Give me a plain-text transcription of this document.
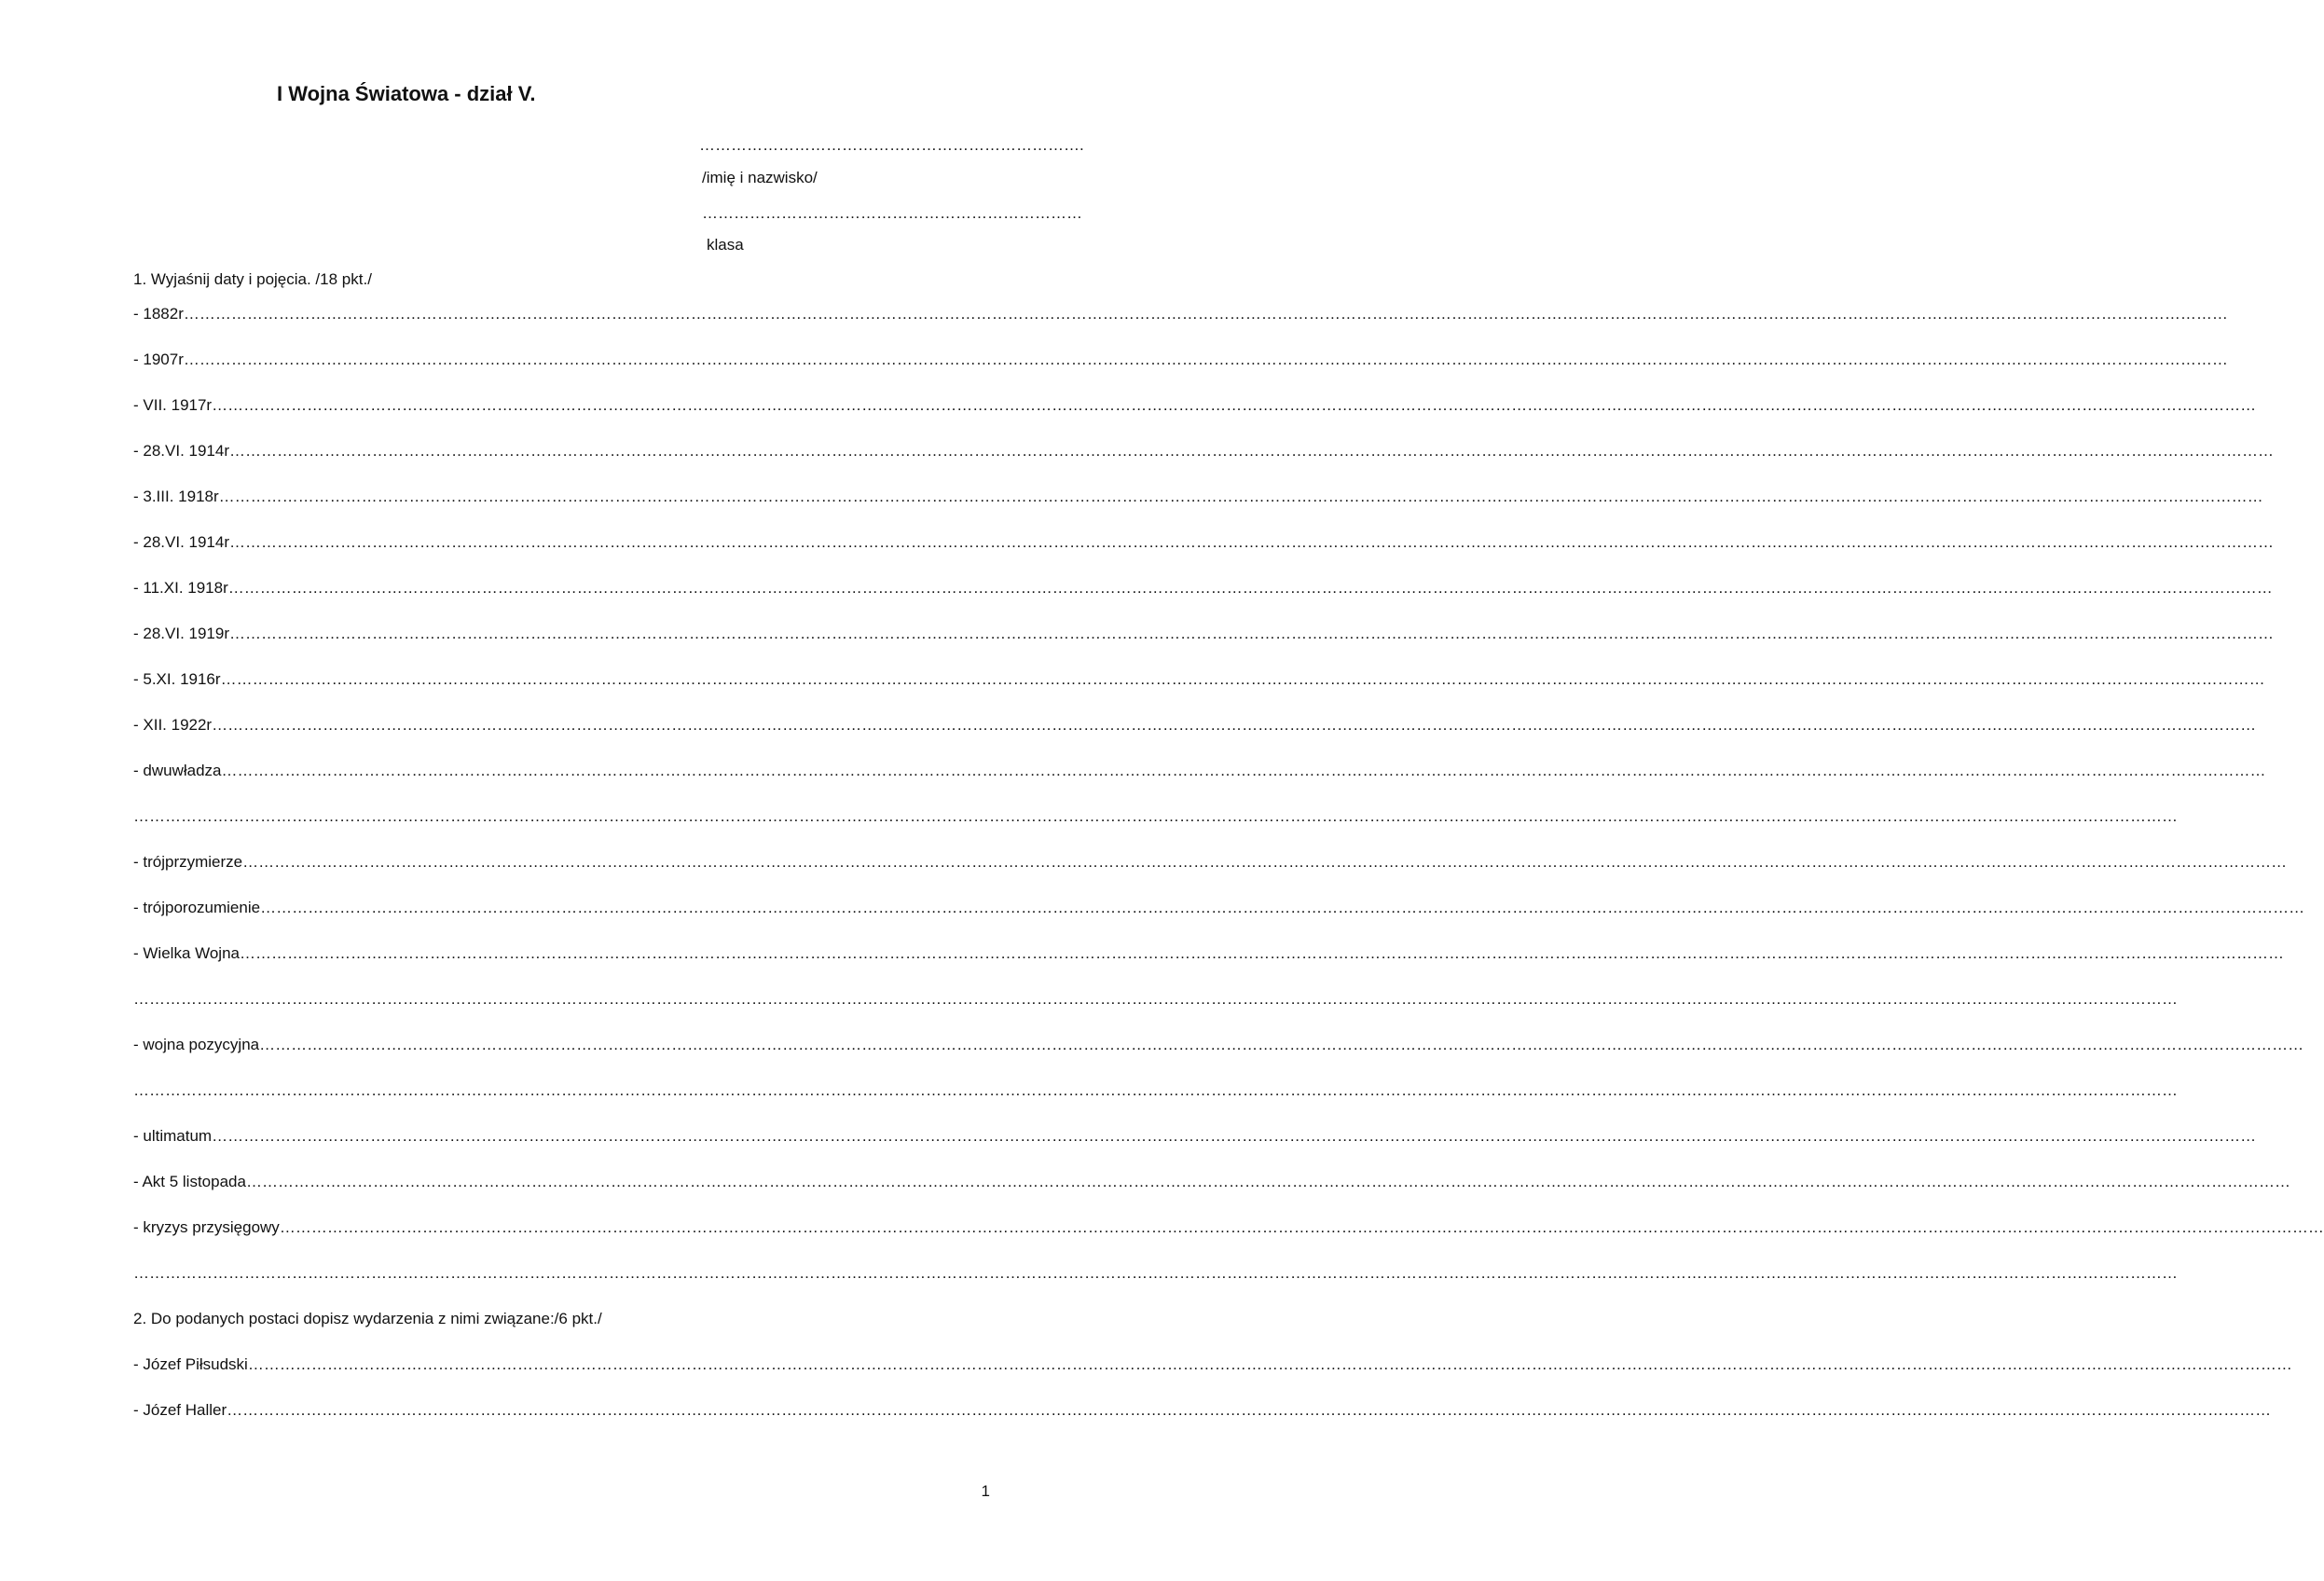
I Wojna Światowa - dział V.
……………………………………………………………….
/imię i nazwisko/
………………………………………………………………
klasa
1. Wyjaśnij daty i pojęcia. /18 pkt./
- 1882r ………………………………………………………………………………………………………………………………………………………………………………………………………………………………………………………………………………………………………………………………………………………
- 1907r ………………………………………………………………………………………………………………………………………………………………………………………………………………………………………………………………………………………………………………………………………………………
- VII. 1917r ………………………………………………………………………………………………………………………………………………………………………………………………………………………………………………………………………………………………………………………………………………………
- 28.VI. 1914r ………………………………………………………………………………………………………………………………………………………………………………………………………………………………………………………………………………………………………………………………………………………
- 3.III. 1918r ………………………………………………………………………………………………………………………………………………………………………………………………………………………………………………………………………………………………………………………………………………………
- 28.VI. 1914r ………………………………………………………………………………………………………………………………………………………………………………………………………………………………………………………………………………………………………………………………………………………
- 11.XI. 1918r ………………………………………………………………………………………………………………………………………………………………………………………………………………………………………………………………………………………………………………………………………………………
- 28.VI. 1919r ………………………………………………………………………………………………………………………………………………………………………………………………………………………………………………………………………………………………………………………………………………………
- 5.XI. 1916r ………………………………………………………………………………………………………………………………………………………………………………………………………………………………………………………………………………………………………………………………………………………
- XII. 1922r ………………………………………………………………………………………………………………………………………………………………………………………………………………………………………………………………………………………………………………………………………………………
- dwuwładza ………………………………………………………………………………………………………………………………………………………………………………………………………………………………………………………………………………………………………………………………………………………
………………………………………………………………………………………………………………………………………………………………………………………………………………………………………………………………………………………………………………………………………………………
- trójprzymierze ………………………………………………………………………………………………………………………………………………………………………………………………………………………………………………………………………………………………………………………………………………………
- trójporozumienie ………………………………………………………………………………………………………………………………………………………………………………………………………………………………………………………………………………………………………………………………………………………
- Wielka Wojna ………………………………………………………………………………………………………………………………………………………………………………………………………………………………………………………………………………………………………………………………………………………
………………………………………………………………………………………………………………………………………………………………………………………………………………………………………………………………………………………………………………………………………………………
- wojna pozycyjna ………………………………………………………………………………………………………………………………………………………………………………………………………………………………………………………………………………………………………………………………………………………
………………………………………………………………………………………………………………………………………………………………………………………………………………………………………………………………………………………………………………………………………………………
- ultimatum ………………………………………………………………………………………………………………………………………………………………………………………………………………………………………………………………………………………………………………………………………………………
- Akt 5 listopada ………………………………………………………………………………………………………………………………………………………………………………………………………………………………………………………………………………………………………………………………………………………
- kryzys przysięgowy ………………………………………………………………………………………………………………………………………………………………………………………………………………………………………………………………………………………………………………………………………………………
………………………………………………………………………………………………………………………………………………………………………………………………………………………………………………………………………………………………………………………………………………………
2. Do podanych postaci dopisz wydarzenia z nimi związane:/6 pkt./
- Józef Piłsudski ………………………………………………………………………………………………………………………………………………………………………………………………………………………………………………………………………………………………………………………………………………………
- Józef Haller ………………………………………………………………………………………………………………………………………………………………………………………………………………………………………………………………………………………………………………………………………………………
1
